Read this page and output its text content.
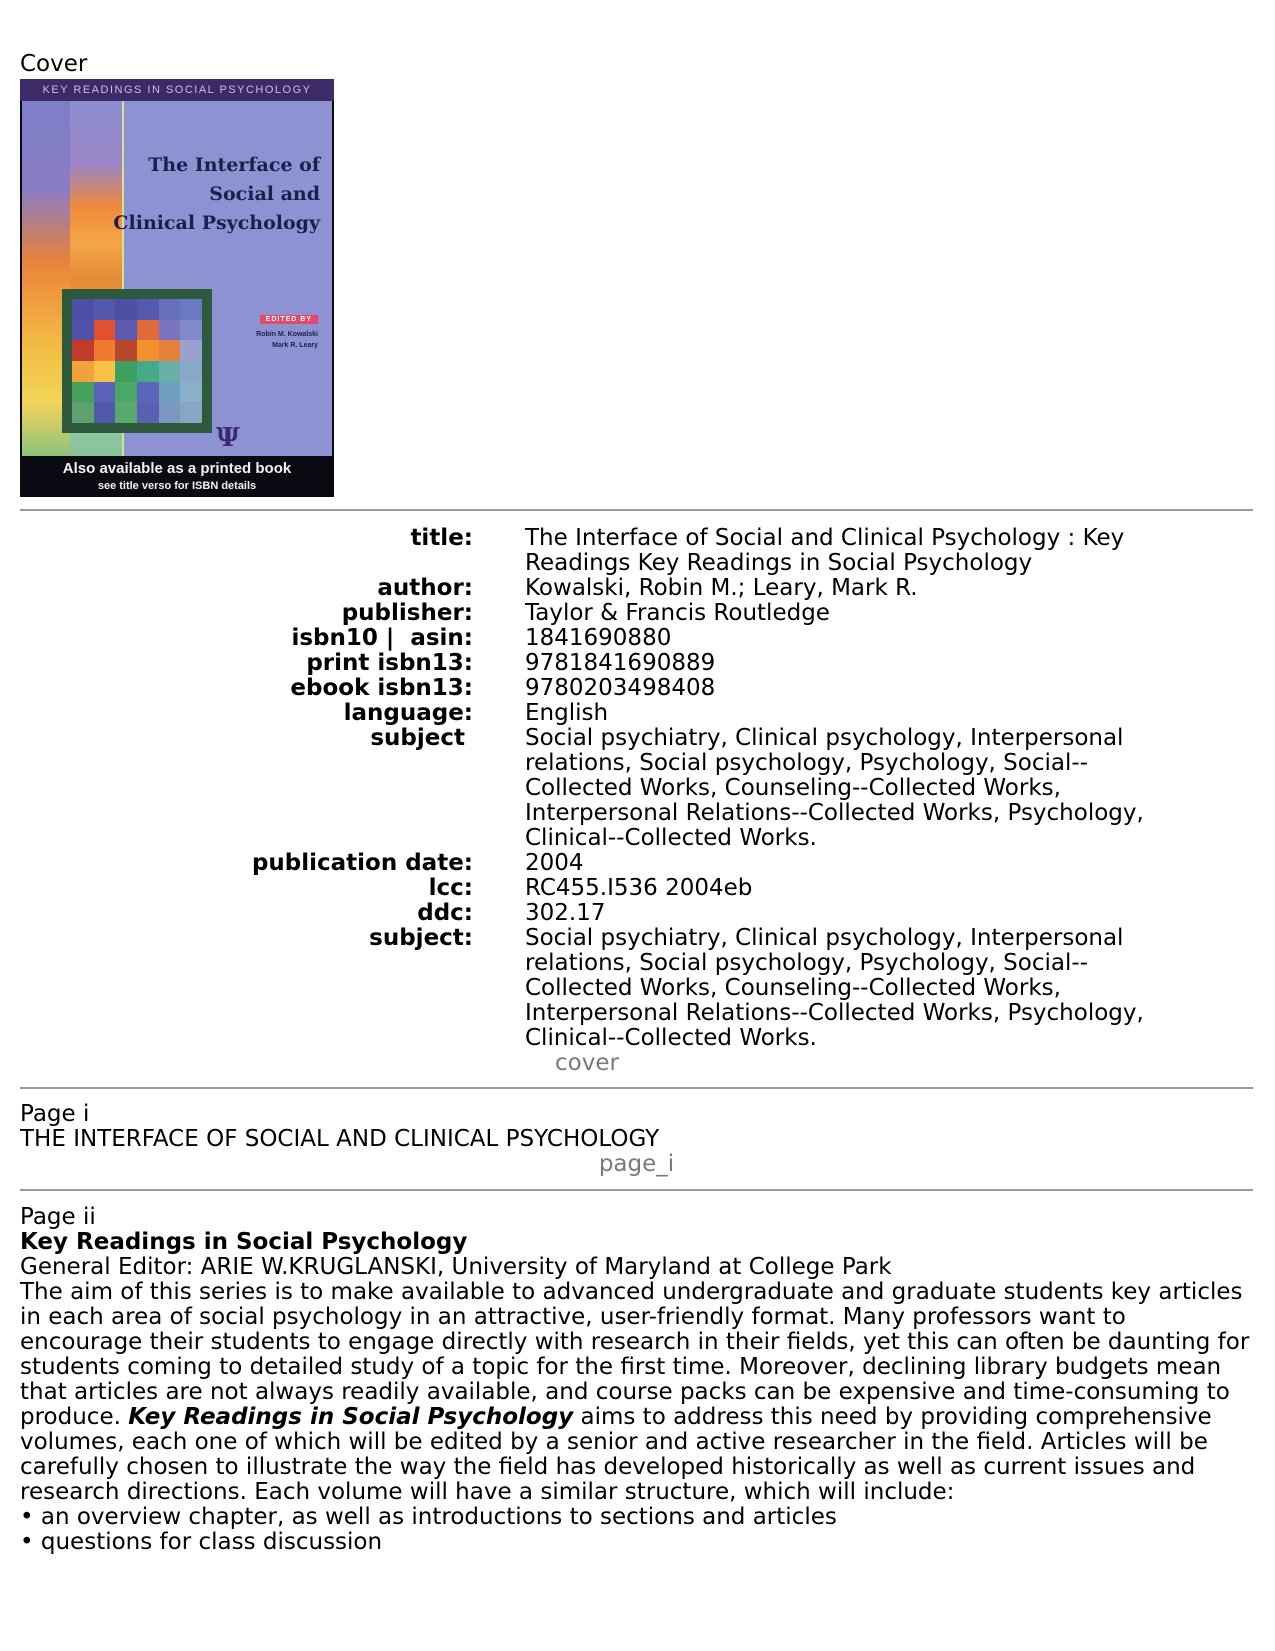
Cover
KEY READINGS IN SOCIAL PSYCHOLOGY
The Interface of
Social and
Clinical Psychology
EDITED BY
Robin M. Kowalski
Mark R. Leary
Ψ
Also available as a printed book
see title verso for ISBN details
title:	The Interface of Social and Clinical Psychology : Key Readings Key Readings in Social Psychology
author:	Kowalski, Robin M.; Leary, Mark R.
publisher:	Taylor & Francis Routledge
isbn10 |  asin:	1841690880
print isbn13:	9781841690889
ebook isbn13:	9780203498408
language:	English
subject	Social psychiatry, Clinical psychology, Interpersonal relations, Social psychology, Psychology, Social--Collected Works, Counseling--Collected Works, Interpersonal Relations--Collected Works, Psychology, Clinical--Collected Works.
publication date:	2004
lcc:	RC455.I536 2004eb
ddc:	302.17
subject:	Social psychiatry, Clinical psychology, Interpersonal relations, Social psychology, Psychology, Social--Collected Works, Counseling--Collected Works, Interpersonal Relations--Collected Works, Psychology, Clinical--Collected Works.
cover
Page i
THE INTERFACE OF SOCIAL AND CLINICAL PSYCHOLOGY
page_i
Page ii
Key Readings in Social Psychology
General Editor: ARIE W.KRUGLANSKI, University of Maryland at College Park
The aim of this series is to make available to advanced undergraduate and graduate students key articles in each area of social psychology in an attractive, user-friendly format. Many professors want to encourage their students to engage directly with research in their fields, yet this can often be daunting for students coming to detailed study of a topic for the first time. Moreover, declining library budgets mean that articles are not always readily available, and course packs can be expensive and time-consuming to produce. Key Readings in Social Psychology aims to address this need by providing comprehensive volumes, each one of which will be edited by a senior and active researcher in the field. Articles will be carefully chosen to illustrate the way the field has developed historically as well as current issues and research directions. Each volume will have a similar structure, which will include:
• an overview chapter, as well as introductions to sections and articles
• questions for class discussion
